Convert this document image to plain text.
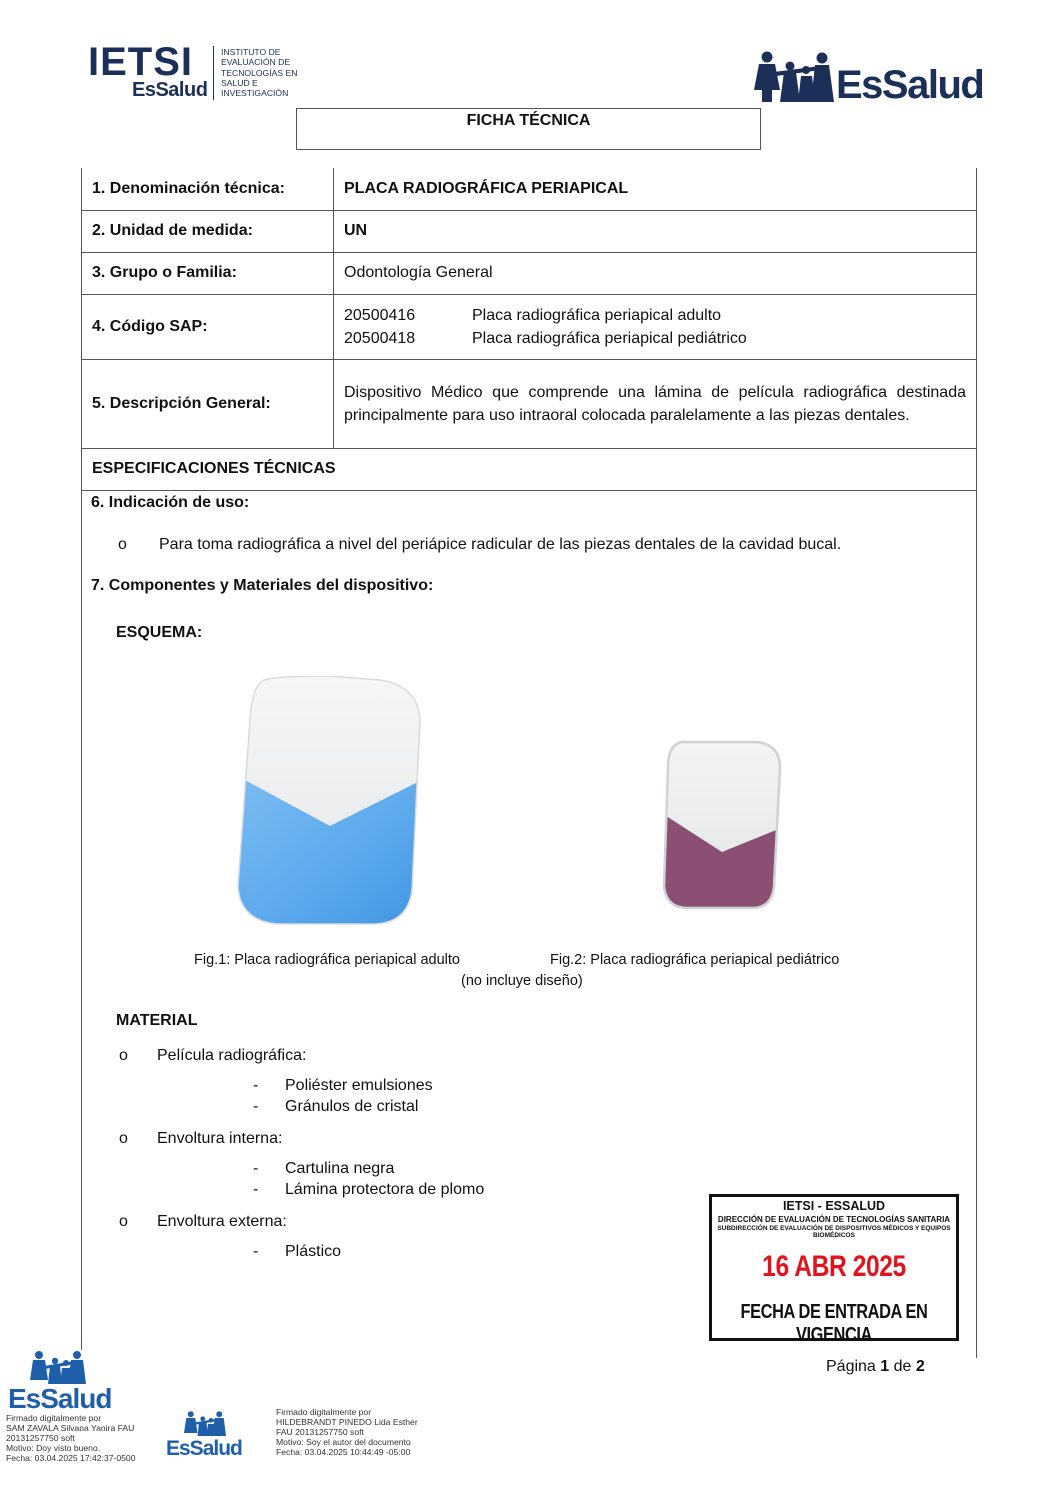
IETSI
EsSalud
INSTITUTO DE
EVALUACIÓN DE
TECNOLOGÍAS EN
SALUD E
INVESTIGACIÓN	EsSalud
FICHA TÉCNICA
1. Denominación técnica:	PLACA RADIOGRÁFICA PERIAPICAL
2. Unidad de medida:	UN
3. Grupo o Familia:	Odontología General
4. Código SAP:	20500416 Placa radiográfica periapical adulto
20500418 Placa radiográfica periapical pediátrico

5. Descripción General:	Dispositivo Médico que comprende una lámina de película radiográfica destinada principalmente para uso intraoral colocada paralelamente a las piezas dentales.
ESPECIFICACIONES TÉCNICAS	
6. Indicación de uso:
o Para toma radiográfica a nivel del periápice radicular de las piezas dentales de la cavidad bucal.
7. Componentes y Materiales del dispositivo:
ESQUEMA:
Fig.1: Placa radiográfica periapical adulto	Fig.2: Placa radiográfica periapical pediátrico
(no incluye diseño)
MATERIAL
o Película radiográfica:
- Poliéster emulsiones
- Gránulos de cristal
o Envoltura interna:
- Cartulina negra
- Lámina protectora de plomo
o Envoltura externa:
- Plástico
IETSI - ESSALUD
DIRECCIÓN DE EVALUACIÓN DE TECNOLOGÍAS SANITARIA
SUBDIRECCIÓN DE EVALUACIÓN DE DISPOSITIVOS MÉDICOS Y EQUIPOS BIOMÉDICOS
16 ABR 2025
FECHA DE ENTRADA EN VIGENCIA
Página 1 de 2
EsSalud
Firmado digitalmente por
SAM ZAVALA Silvana Yanira FAU
20131257750 soft
Motivo: Doy visto bueno.
Fecha: 03.04.2025 17:42:37-0500 EsSalud
Firmado digitalmente por
HILDEBRANDT PINEDO Lida Esther
FAU 20131257750 soft
Motivo: Soy el autor del documento
Fecha: 03.04.2025 10:44:49 -05:00
